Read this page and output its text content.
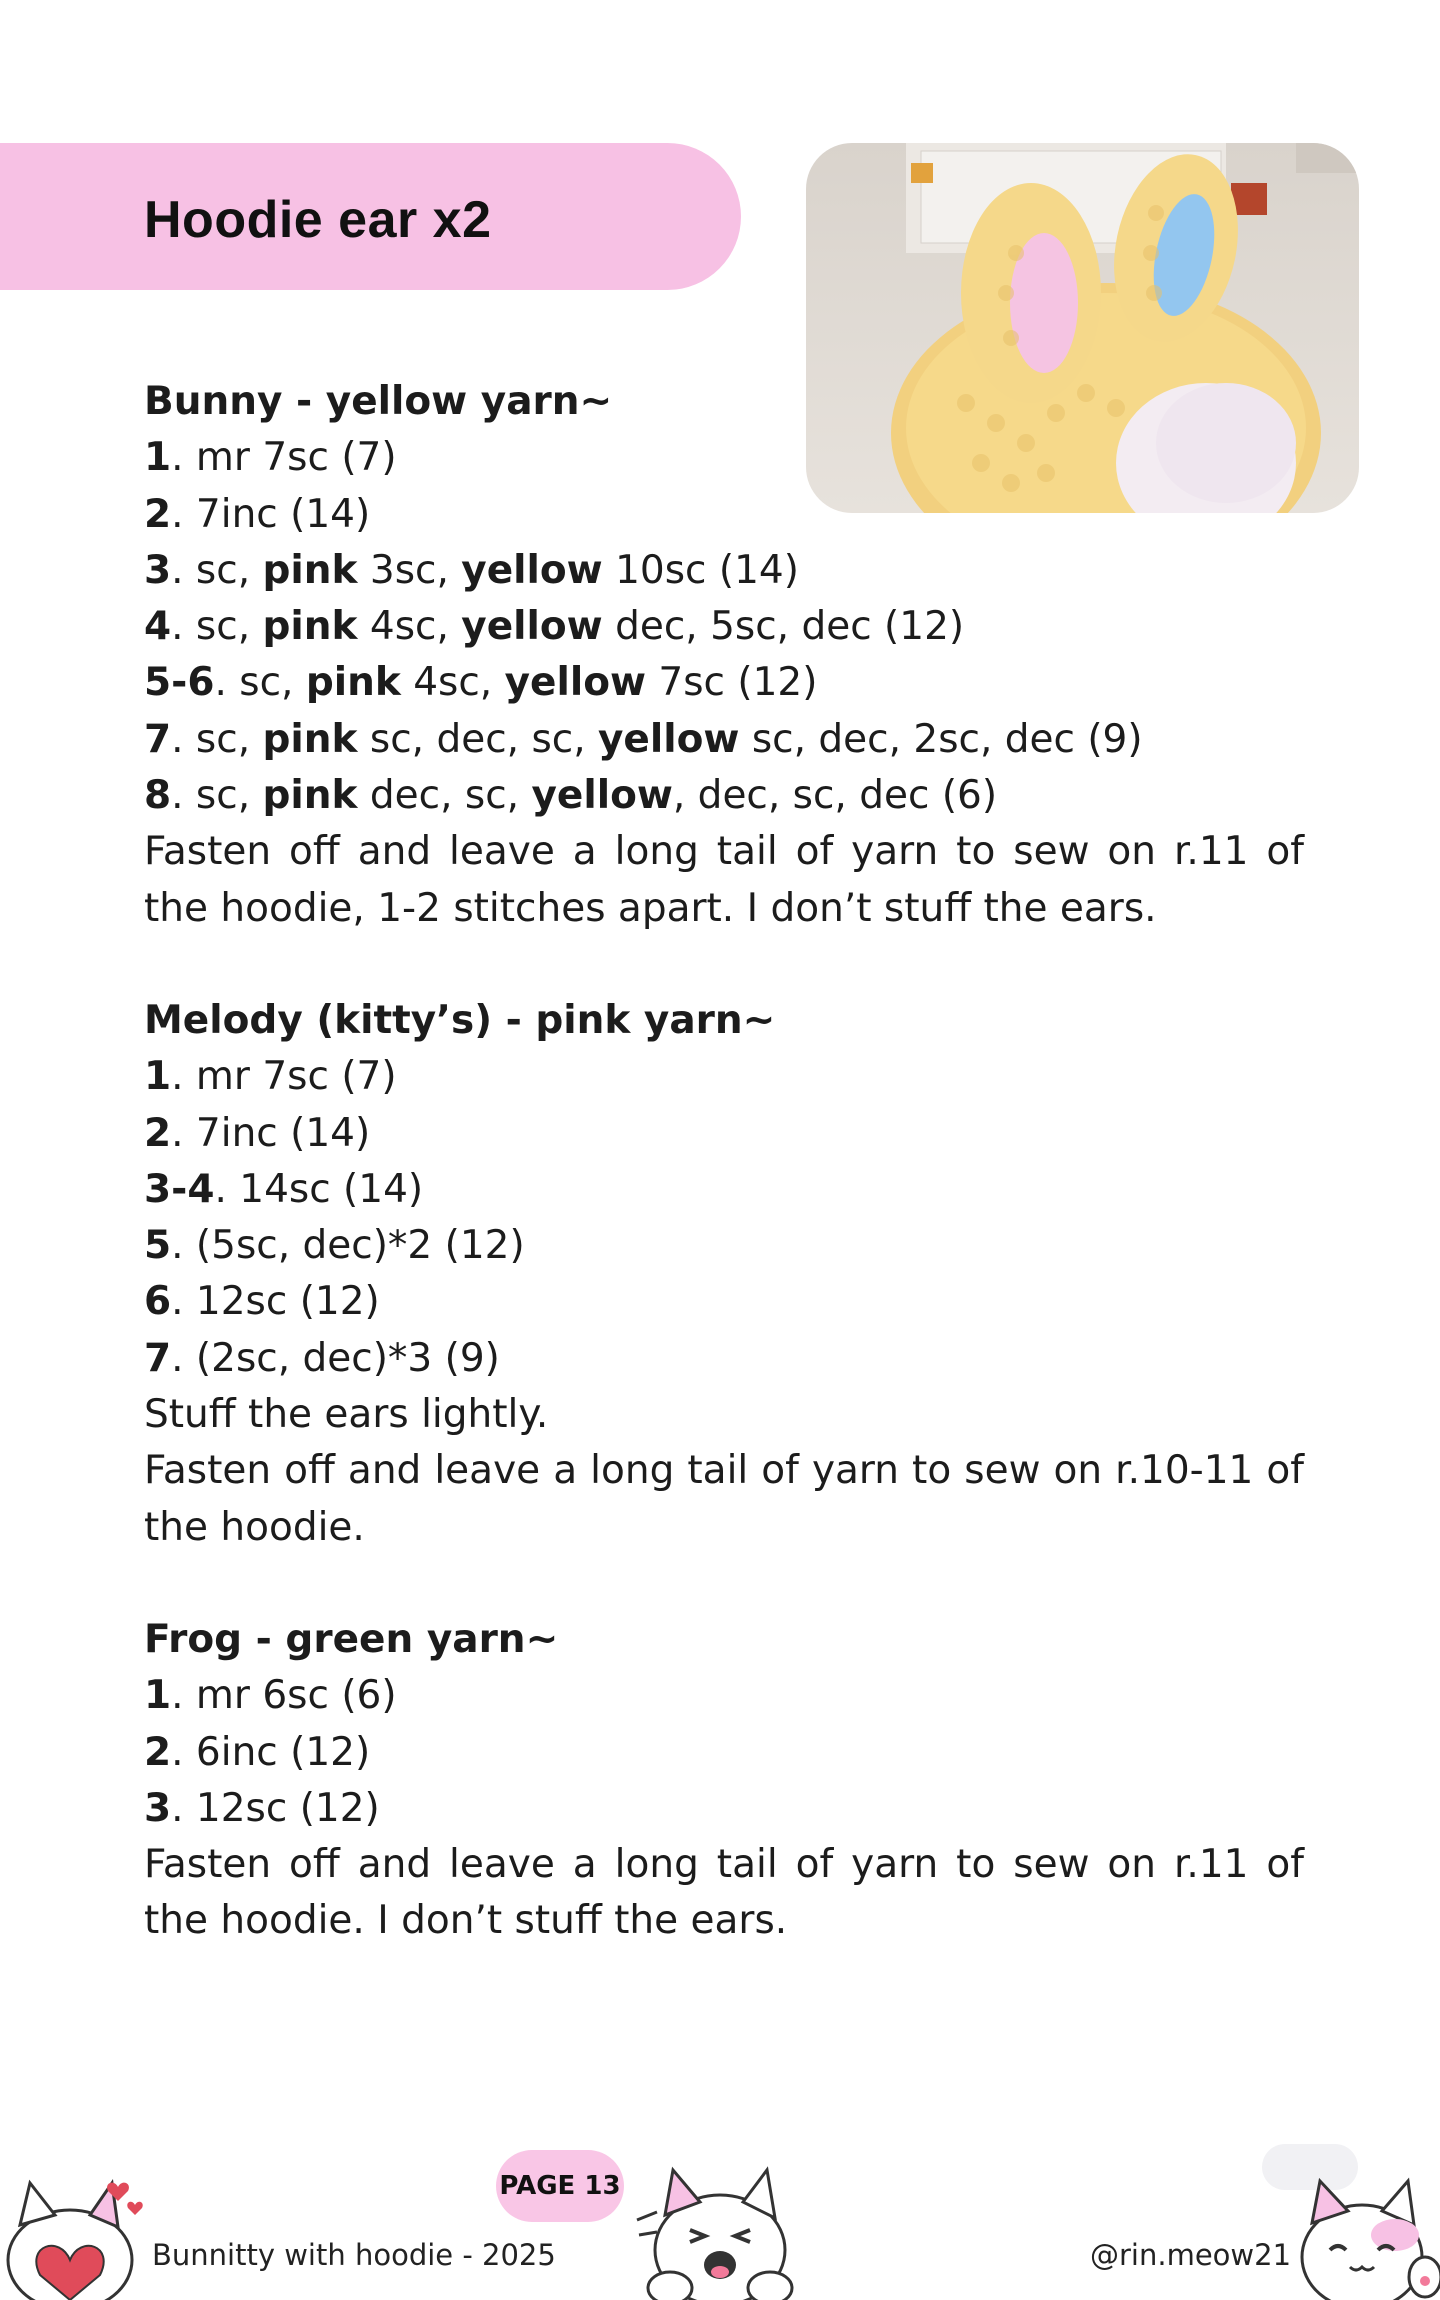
Hoodie ear x2
Bunny - yellow yarn~
1. mr 7sc (7)
2. 7inc (14)
3. sc, pink 3sc, yellow 10sc (14)
4. sc, pink 4sc, yellow dec, 5sc, dec (12)
5-6. sc, pink 4sc, yellow 7sc (12)
7. sc, pink sc, dec, sc, yellow sc, dec, 2sc, dec (9)
8. sc, pink dec, sc, yellow, dec, sc, dec (6)
Fasten off and leave a long tail of yarn to sew on r.11 of the hoodie, 1-2 stitches apart. I don’t stuff the ears.
Melody (kitty’s) - pink yarn~
1. mr 7sc (7)
2. 7inc (14)
3-4. 14sc (14)
5. (5sc, dec)*2 (12)
6. 12sc (12)
7. (2sc, dec)*3 (9)
Stuff the ears lightly.
Fasten off and leave a long tail of yarn to sew on r.10-11 of the hoodie.
Frog - green yarn~
1. mr 6sc (6)
2. 6inc (12)
3. 12sc (12)
Fasten off and leave a long tail of yarn to sew on r.11 of the hoodie. I don’t stuff the ears.
Bunnitty with hoodie - 2025
PAGE 13
@rin.meow21
